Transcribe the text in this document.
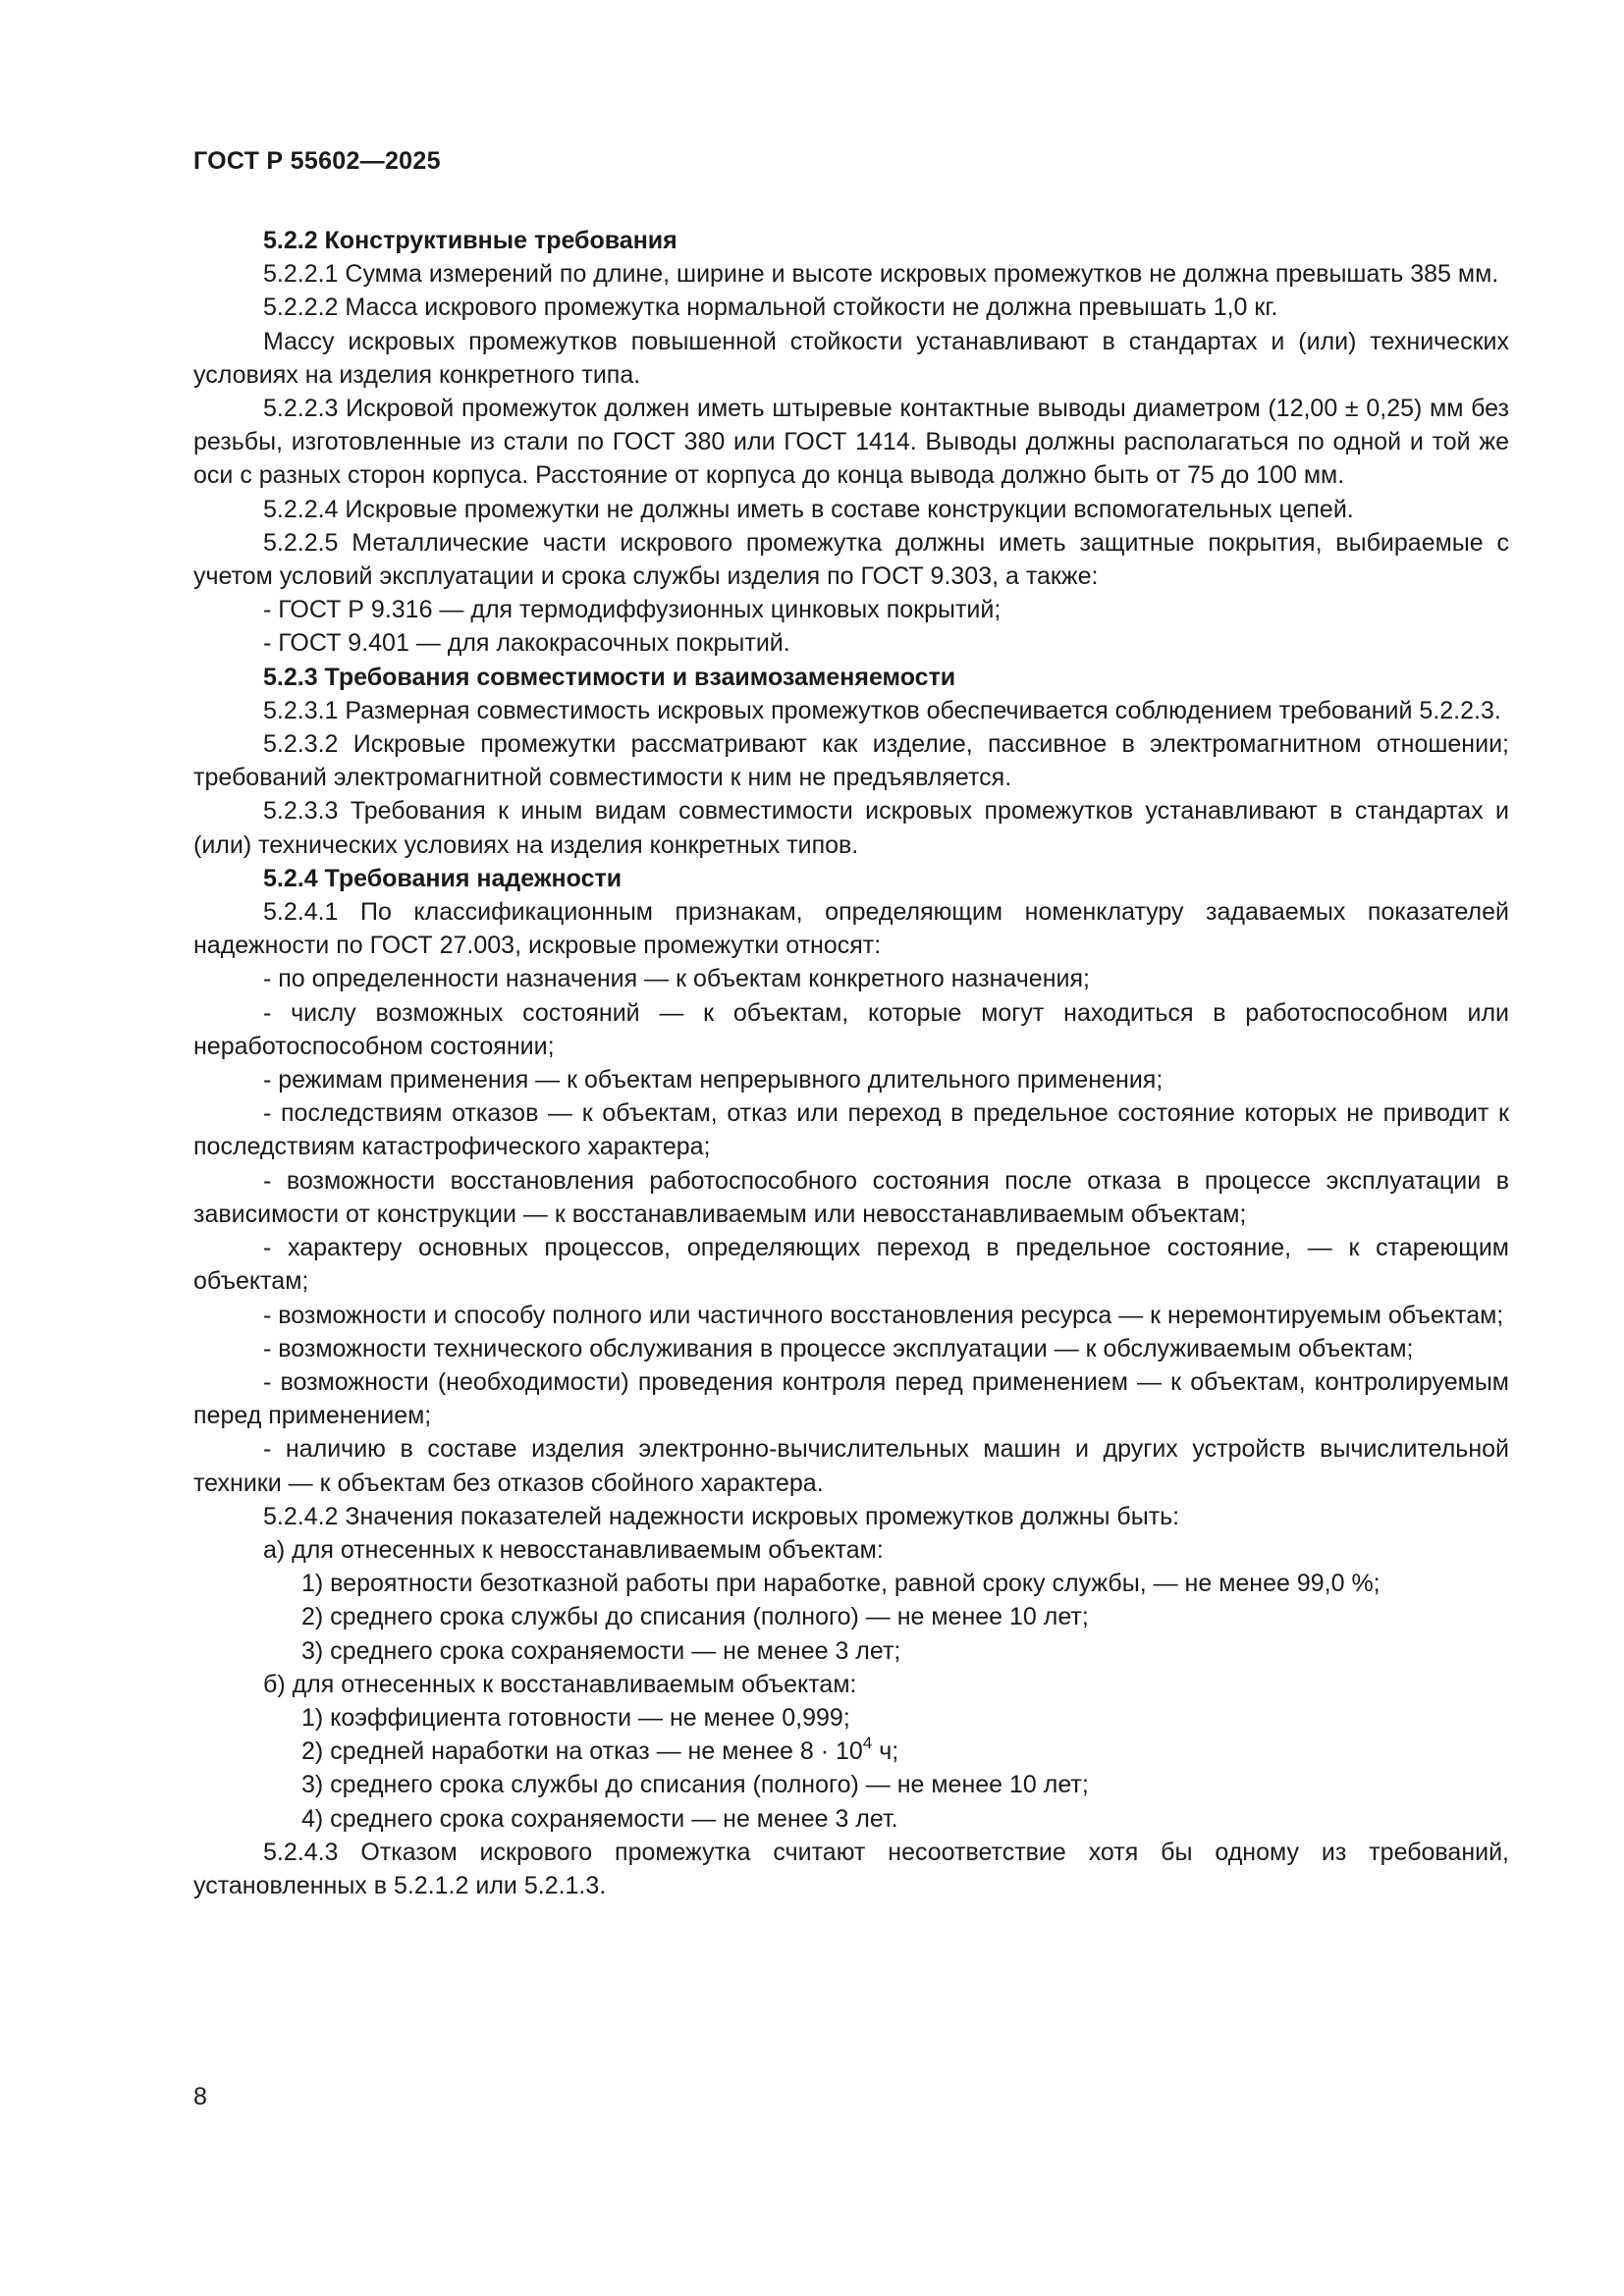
ГОСТ Р 55602—2025

5.2.2 Конструктивные требования

5.2.2.1 Сумма измерений по длине, ширине и высоте искровых промежутков не должна превышать 385 мм.

5.2.2.2 Масса искрового промежутка нормальной стойкости не должна превышать 1,0 кг.

Массу искровых промежутков повышенной стойкости устанавливают в стандартах и (или) технических условиях на изделия конкретного типа.

5.2.2.3 Искровой промежуток должен иметь штыревые контактные выводы диаметром (12,00 ± 0,25) мм без резьбы, изготовленные из стали по ГОСТ 380 или ГОСТ 1414. Выводы должны располагаться по одной и той же оси с разных сторон корпуса. Расстояние от корпуса до конца вывода должно быть от 75 до 100 мм.

5.2.2.4 Искровые промежутки не должны иметь в составе конструкции вспомогательных цепей.

5.2.2.5 Металлические части искрового промежутка должны иметь защитные покрытия, выбираемые с учетом условий эксплуатации и срока службы изделия по ГОСТ 9.303, а также:

- ГОСТ Р 9.316 — для термодиффузионных цинковых покрытий;

- ГОСТ 9.401 — для лакокрасочных покрытий.

5.2.3 Требования совместимости и взаимозаменяемости

5.2.3.1 Размерная совместимость искровых промежутков обеспечивается соблюдением требований 5.2.2.3.

5.2.3.2 Искровые промежутки рассматривают как изделие, пассивное в электромагнитном отношении; требований электромагнитной совместимости к ним не предъявляется.

5.2.3.3 Требования к иным видам совместимости искровых промежутков устанавливают в стандартах и (или) технических условиях на изделия конкретных типов.

5.2.4 Требования надежности

5.2.4.1 По классификационным признакам, определяющим номенклатуру задаваемых показателей надежности по ГОСТ 27.003, искровые промежутки относят:

- по определенности назначения — к объектам конкретного назначения;

- числу возможных состояний — к объектам, которые могут находиться в работоспособном или неработоспособном состоянии;

- режимам применения — к объектам непрерывного длительного применения;

- последствиям отказов — к объектам, отказ или переход в предельное состояние которых не приводит к последствиям катастрофического характера;

- возможности восстановления работоспособного состояния после отказа в процессе эксплуатации в зависимости от конструкции — к восстанавливаемым или невосстанавливаемым объектам;

- характеру основных процессов, определяющих переход в предельное состояние, — к стареющим объектам;

- возможности и способу полного или частичного восстановления ресурса — к неремонтируемым объектам;

- возможности технического обслуживания в процессе эксплуатации — к обслуживаемым объектам;

- возможности (необходимости) проведения контроля перед применением — к объектам, контролируемым перед применением;

- наличию в составе изделия электронно-вычислительных машин и других устройств вычислительной техники — к объектам без отказов сбойного характера.

5.2.4.2 Значения показателей надежности искровых промежутков должны быть:

а) для отнесенных к невосстанавливаемым объектам:

1) вероятности безотказной работы при наработке, равной сроку службы, — не менее 99,0 %;

2) среднего срока службы до списания (полного) — не менее 10 лет;

3) среднего срока сохраняемости — не менее 3 лет;

б) для отнесенных к восстанавливаемым объектам:

1) коэффициента готовности — не менее 0,999;

2) средней наработки на отказ — не менее $8 \cdot 10^4$ ч;

3) среднего срока службы до списания (полного) — не менее 10 лет;

4) среднего срока сохраняемости — не менее 3 лет.

5.2.4.3 Отказом искрового промежутка считают несоответствие хотя бы одному из требований, установленных в 5.2.1.2 или 5.2.1.3.

8
